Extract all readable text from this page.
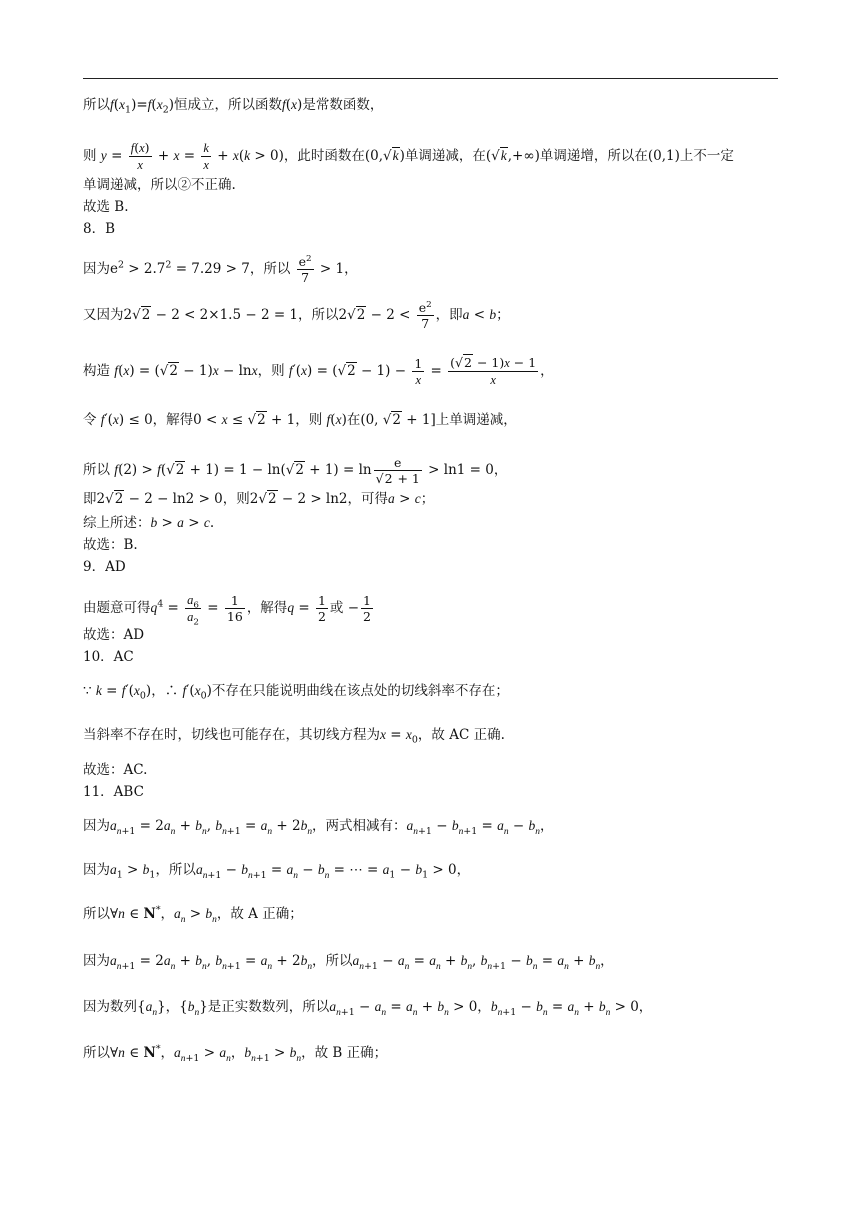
所以$f(x_1)=f(x_2)$恒成立，所以函数f(x)是常数函数，
则 $y = \frac{f(x)}{x} + x = \frac{k}{x} + x(k > 0)$，此时函数在(0,√k)单调递减，在(√k,+∞)单调递增，所以在(0,1)上不一定
单调递减，所以②不正确.
故选 B.
8．B
因为$e^2 > 2.7^2 = 7.29 > 7$，所以 $\frac{e^2}{7} > 1$，
又因为2√2 − 2 < 2×1.5 − 2 = 1，所以$2√2 - 2 < \frac{e^2}{7}$ ，即a < b；
构造 f(x) = (√2 − 1)x − lnx，则 $f'(x) = (√2 - 1) - \frac{1}{x} = \frac{(√2 - 1)x - 1}{x}$ ，
令 f′(x) ≤ 0，解得0 < x ≤ √2 + 1，则 f(x)在(0, √2 + 1]上单调递减，
所以 $f(2) > f(√2 + 1) = 1 - \ln(√2 + 1) = \ln \frac{e}{√2 + 1} > \ln 1 = 0$，
即2√2 − 2 − ln2 > 0，则2√2 − 2 > ln2，可得a > c；
综上所述：b > a > c.
故选：B.
9．AD
由题意可得$q^4 = \frac{a_6}{a_2} = \frac{1}{16}$ ，解得$q = \frac{1}{2}$ 或 − $\frac{1}{2}$
故选：AD
10．AC
∵ $k = f'(x_0)$，∴ $f'(x_0)$不存在只能说明曲线在该点处的切线斜率不存在；
当斜率不存在时，切线也可能存在，其切线方程为$x = x_0$，故 AC 正确.
故选：AC.
11．ABC
因为$a_{n+1} = 2a_n + b_n$, $b_{n+1} = a_n + 2b_n$，两式相减有：$a_{n+1} - b_{n+1} = a_n - b_n$，
因为$a_1 > b_1$，所以$a_{n+1} - b_{n+1} = a_n - b_n$ = ⋯ = $a_1 - b_1 > 0$，
所以∀n ∈ N*，$a_n > b_n$，故 A 正确；
因为$a_{n+1} = 2a_n + b_n$, $b_{n+1} = a_n + 2b_n$，所以$a_{n+1} - a_n = a_n + b_n$, $b_{n+1} - b_n = a_n + b_n$，
因为数列$\{a_n\}$，$\{b_n\}$是正实数数列，所以$a_{n+1} - a_n = a_n + b_n > 0$，$b_{n+1} - b_n = a_n + b_n > 0$，
所以∀n ∈ N*，$a_{n+1} > a_n$，$b_{n+1} > b_n$，故 B 正确；
